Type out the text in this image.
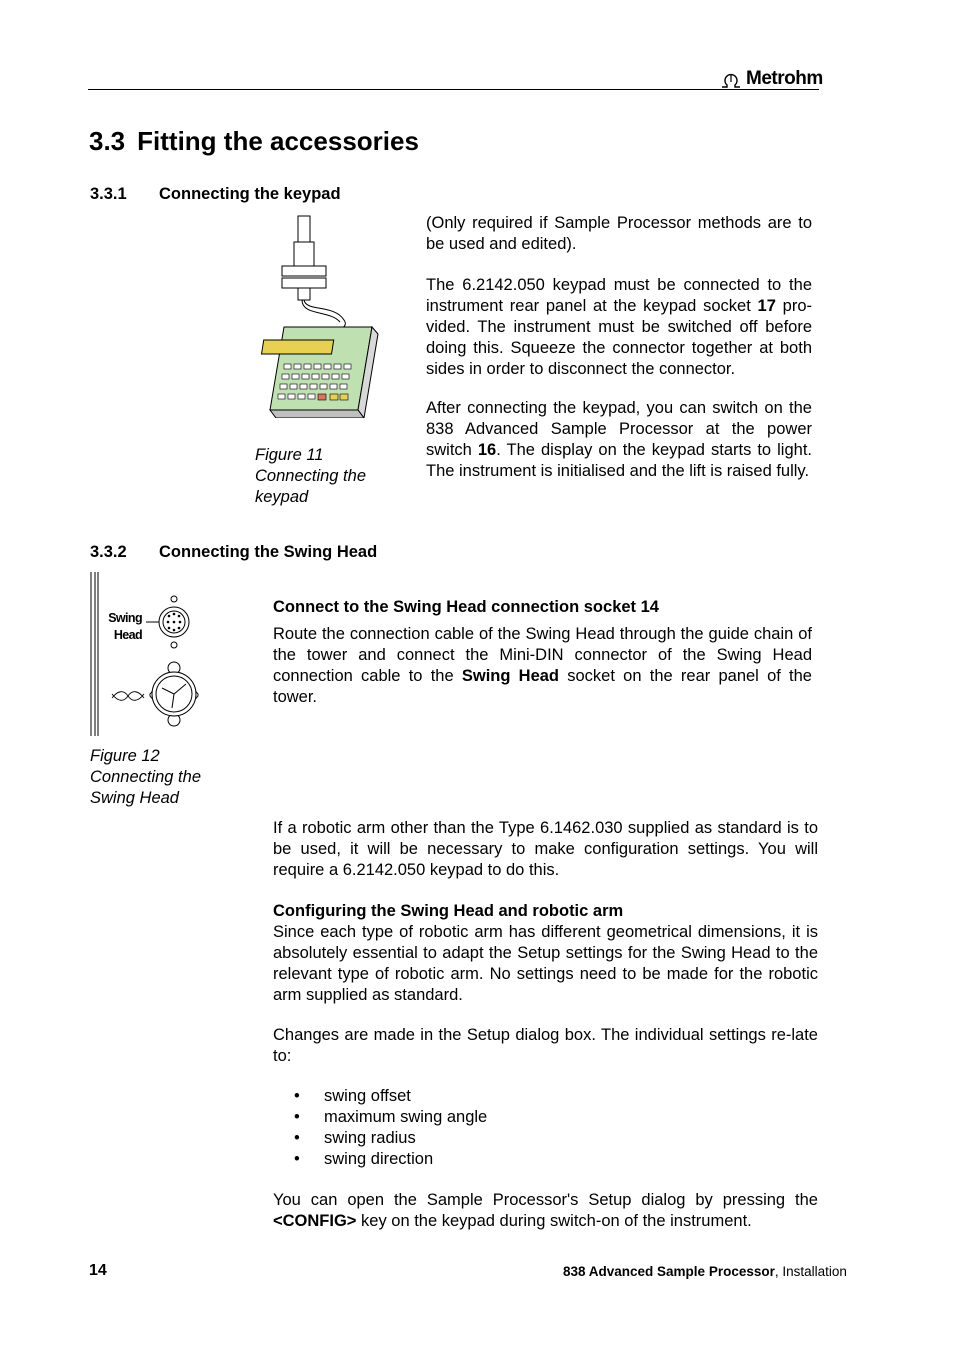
Metrohm
3.3 Fitting the accessories
3.3.1 Connecting the keypad
Figure 11
Connecting the
keypad
(Only required if Sample Processor methods are to be used and edited).
The 6.2142.050 keypad must be connected to the instrument rear panel at the keypad socket 17 pro-vided. The instrument must be switched off before doing this. Squeeze the connector together at both sides in order to disconnect the connector.
After connecting the keypad, you can switch on the 838 Advanced Sample Processor at the power switch 16. The display on the keypad starts to light. The instrument is initialised and the lift is raised fully.
3.3.2 Connecting the Swing Head
Swing
Head
Figure 12
Connecting the
Swing Head
Connect to the Swing Head connection socket 14
Route the connection cable of the Swing Head through the guide chain of the tower and connect the Mini-DIN connector of the Swing Head connection cable to the Swing Head socket on the rear panel of the tower.
If a robotic arm other than the Type 6.1462.030 supplied as standard is to be used, it will be necessary to make configuration settings. You will require a 6.2142.050 keypad to do this.
Configuring the Swing Head and robotic arm
Since each type of robotic arm has different geometrical dimensions, it is absolutely essential to adapt the Setup settings for the Swing Head to the relevant type of robotic arm. No settings need to be made for the robotic arm supplied as standard.
Changes are made in the Setup dialog box. The individual settings re-late to:
• swing offset
• maximum swing angle
• swing radius
• swing direction
You can open the Sample Processor's Setup dialog by pressing the <CONFIG> key on the keypad during switch-on of the instrument.
14	838 Advanced Sample Processor, Installation
